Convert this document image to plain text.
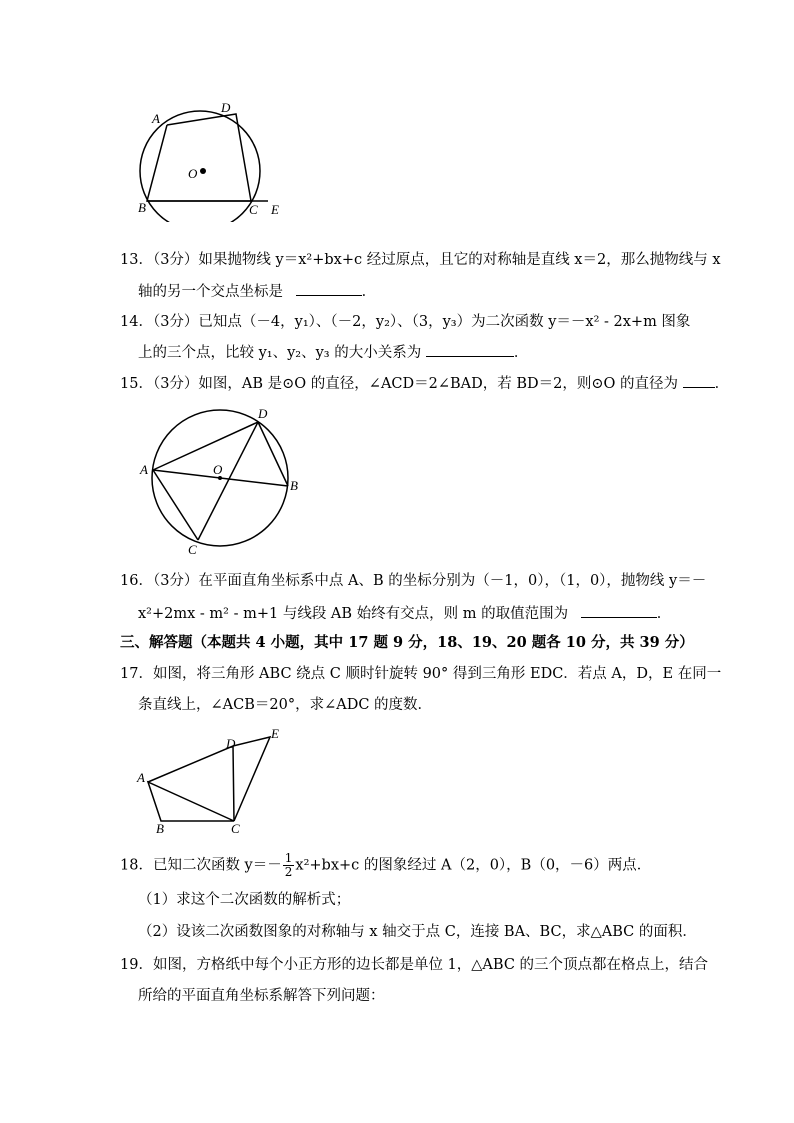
A
D
O
B	C E
13．（3分）如果抛物线 y＝x²+bx+c 经过原点，且它的对称轴是直线 x＝2，那么抛物线与 x
轴的另一个交点坐标是	．
14．（3分）已知点（－4，y₁）、（－2，y₂）、（3，y₃）为二次函数 y＝－x² - 2x+m 图象
上的三个点，比较 y₁、y₂、y₃ 的大小关系为	．
15．（3分）如图，AB 是⊙O 的直径，∠ACD＝2∠BAD，若 BD＝2，则⊙O 的直径为	．
A
D
O
B
C
16．（3分）在平面直角坐标系中点 A、B 的坐标分别为（－1，0），（1，0），抛物线 y＝－
x²+2mx - m² - m+1 与线段 AB 始终有交点，则 m 的取值范围为	．
三、解答题（本题共 4 小题，其中 17 题 9 分，18、19、20 题各 10 分，共 39 分）
17．如图，将三角形 ABC 绕点 C 顺时针旋转 90° 得到三角形 EDC．若点 A，D，E 在同一
条直线上，∠ACB＝20°，求∠ADC 的度数．
A
B	C
D
E
18．已知二次函数 $y=- \frac{1}{2} x^2+bx+c$ 的图象经过 A（2，0），B（0，－6）两点．
（1）求这个二次函数的解析式；
（2）设该二次函数图象的对称轴与 x 轴交于点 C，连接 BA、BC，求△ABC 的面积．
19．如图，方格纸中每个小正方形的边长都是单位 1，△ABC 的三个顶点都在格点上，结合
所给的平面直角坐标系解答下列问题：
